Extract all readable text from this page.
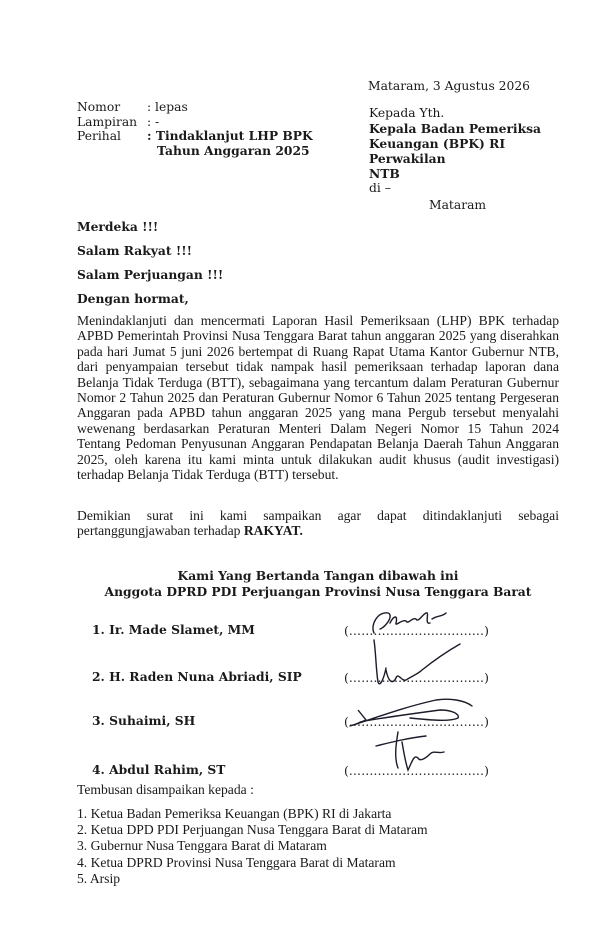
Mataram, 3 Agustus 2026
Nomor	: lepas
Lampiran : -
Perihal	: Tindaklanjut LHP BPK
Tahun Anggaran 2025
Kepada Yth.
Kepala Badan Pemeriksa
Keuangan (BPK) RI Perwakilan
NTB
di –
Mataram
Merdeka !!!
Salam Rakyat !!!
Salam Perjuangan !!!
Dengan hormat,
Menindaklanjuti dan mencermati Laporan Hasil Pemeriksaan (LHP) BPK terhadap APBD Pemerintah Provinsi Nusa Tenggara Barat tahun anggaran 2025 yang diserahkan pada hari Jumat 5 juni 2026 bertempat di Ruang Rapat Utama Kantor Gubernur NTB, dari penyampaian tersebut tidak nampak hasil pemeriksaan terhadap laporan dana Belanja Tidak Terduga (BTT), sebagaimana yang tercantum dalam Peraturan Gubernur Nomor 2 Tahun 2025 dan Peraturan Gubernur Nomor 6 Tahun 2025 tentang Pergeseran Anggaran pada APBD tahun anggaran 2025 yang mana Pergub tersebut menyalahi wewenang berdasarkan Peraturan Menteri Dalam Negeri Nomor 15 Tahun 2024 Tentang Pedoman Penyusunan Anggaran Pendapatan Belanja Daerah Tahun Anggaran 2025, oleh karena itu kami minta untuk dilakukan audit khusus (audit investigasi) terhadap Belanja Tidak Terduga (BTT) tersebut.
Demikian surat ini kami sampaikan agar dapat ditindaklanjuti sebagai pertanggungjawaban terhadap RAKYAT.
Kami Yang Bertanda Tangan dibawah ini
Anggota DPRD PDI Perjuangan Provinsi Nusa Tenggara Barat
1. Ir. Made Slamet, MM	(……………………………)
2. H. Raden Nuna Abriadi, SIP	(……………………………)
3. Suhaimi, SH	(……………………………)
4. Abdul Rahim, ST	(……………………………)
Tembusan disampaikan kepada :
1. Ketua Badan Pemeriksa Keuangan (BPK) RI di Jakarta
2. Ketua DPD PDI Perjuangan Nusa Tenggara Barat di Mataram
3. Gubernur Nusa Tenggara Barat di Mataram
4. Ketua DPRD Provinsi Nusa Tenggara Barat di Mataram
5. Arsip
